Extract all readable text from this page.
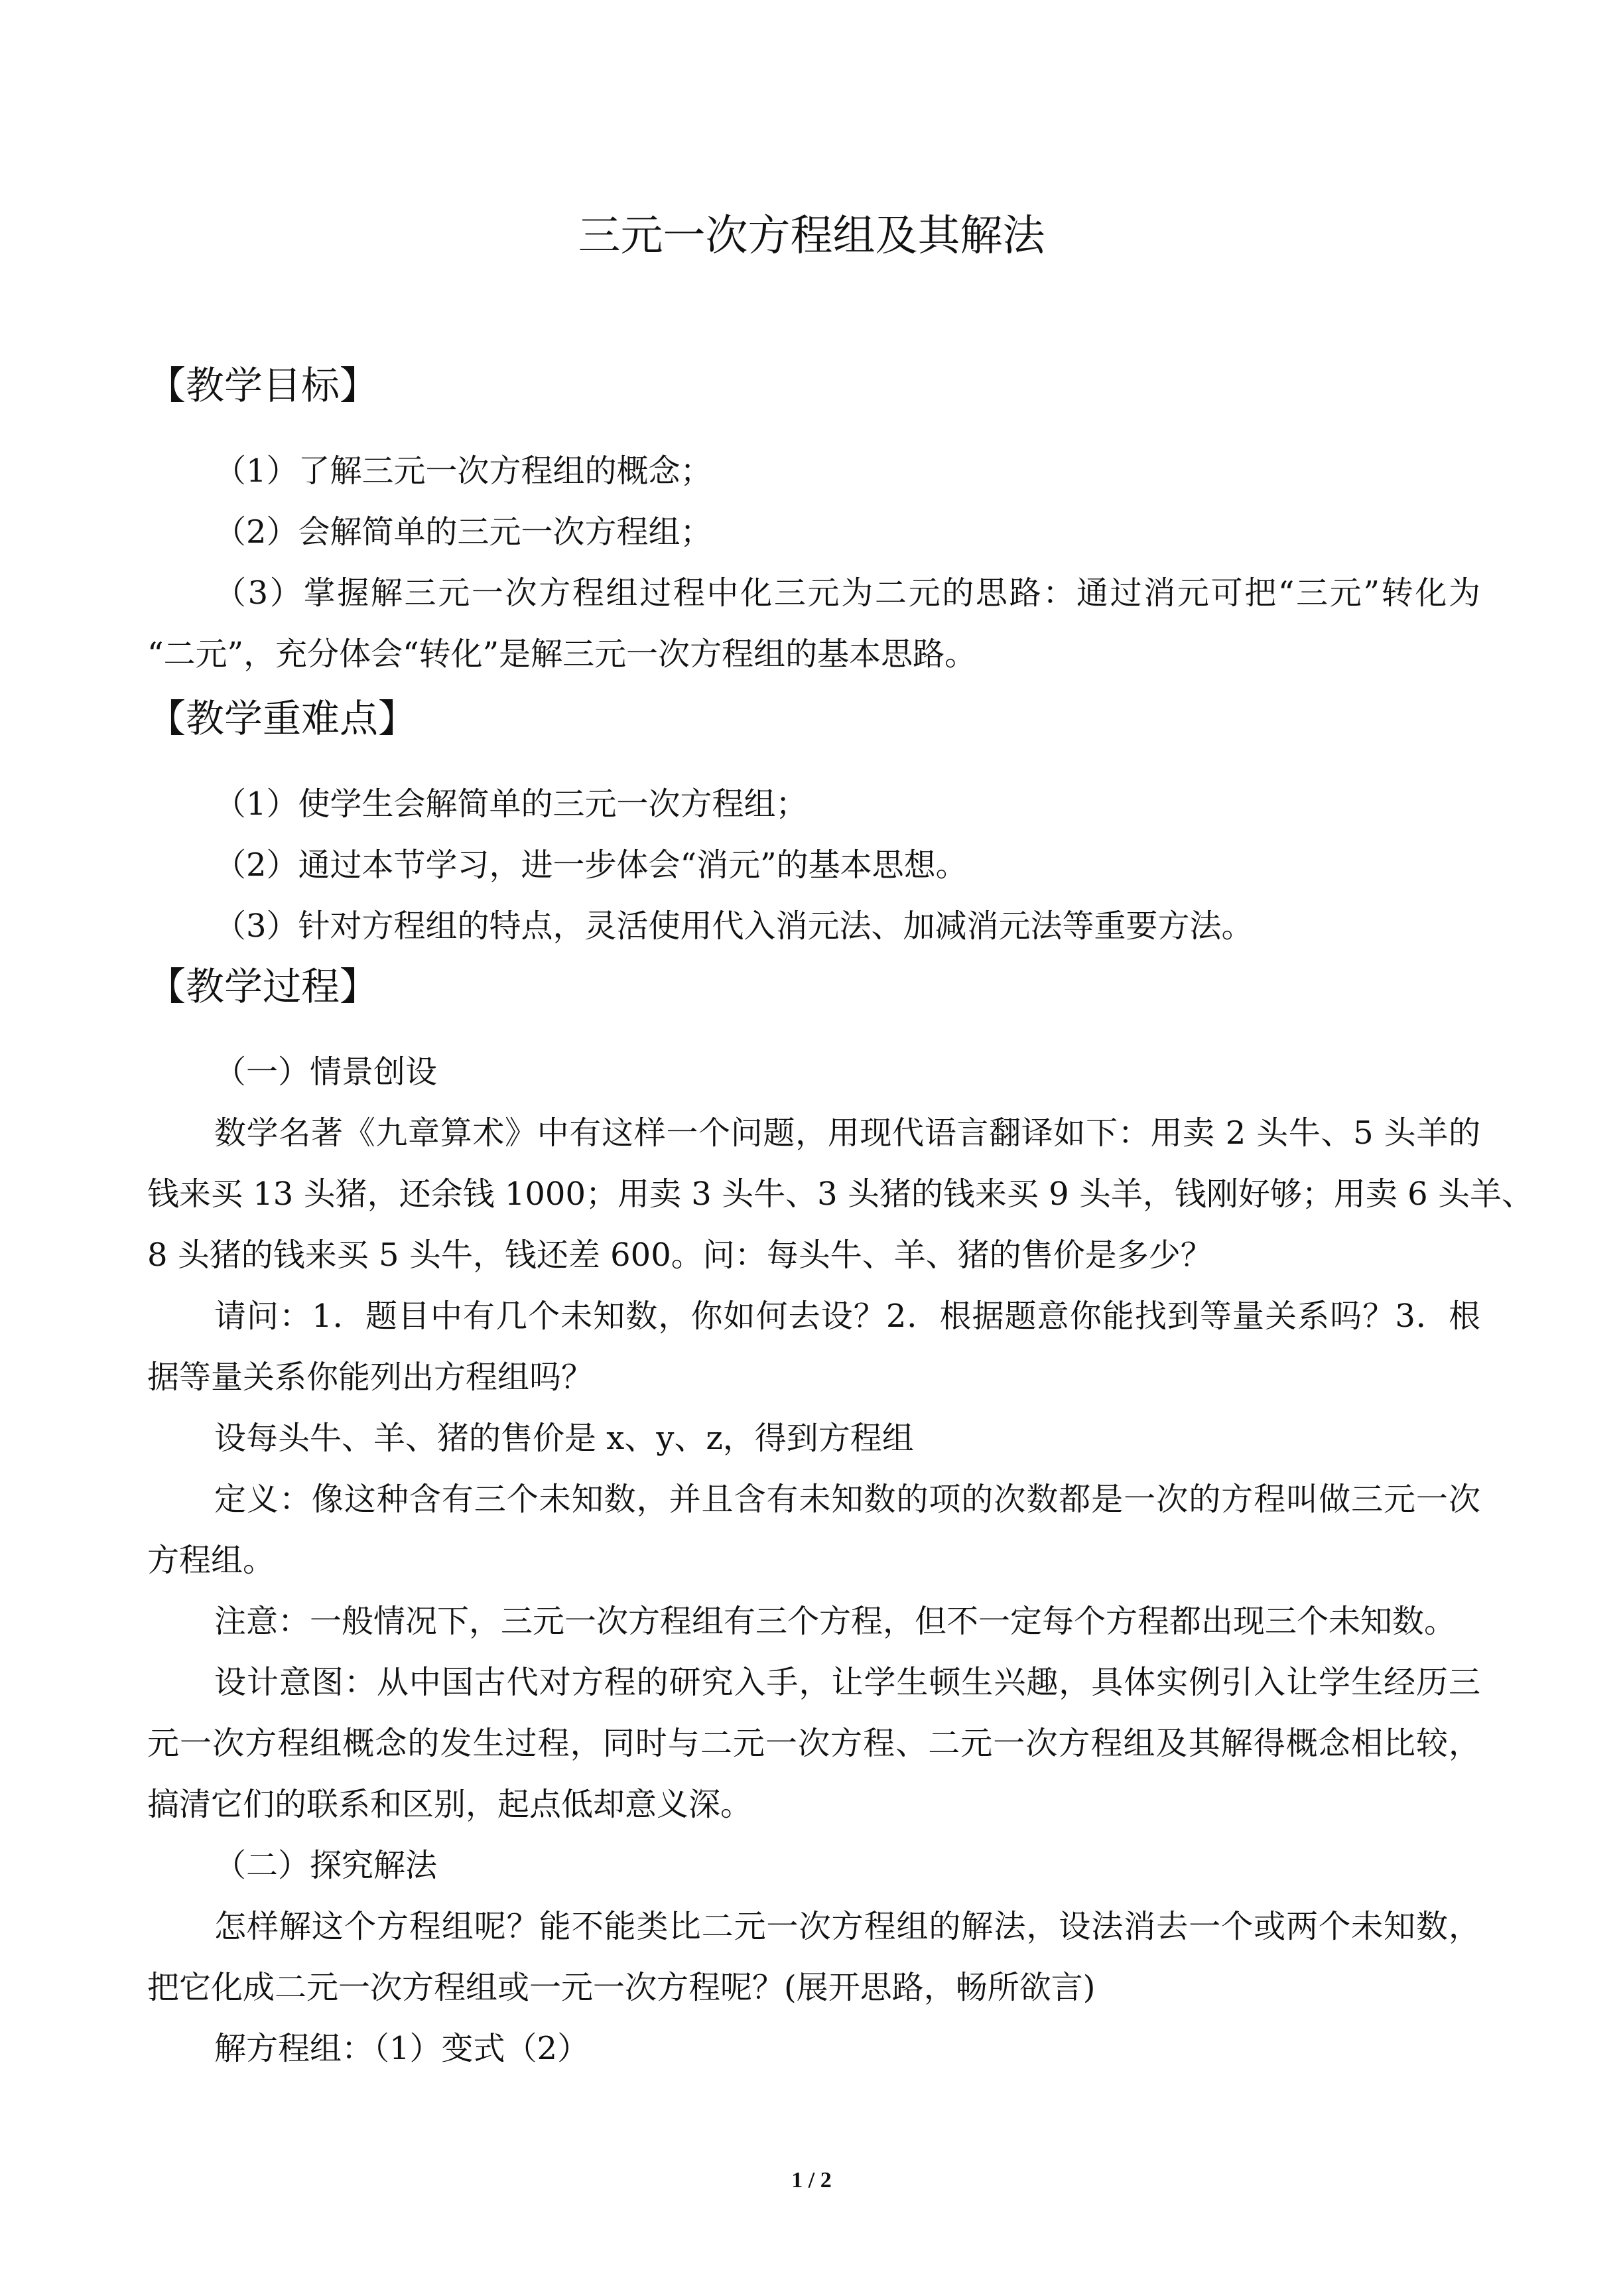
三元一次方程组及其解法
【教学目标】
（1）了解三元一次方程组的概念；
（2）会解简单的三元一次方程组；
（3）掌握解三元一次方程组过程中化三元为二元的思路：通过消元可把“三元”转化为
“二元”，充分体会“转化”是解三元一次方程组的基本思路。
【教学重难点】
（1）使学生会解简单的三元一次方程组；
（2）通过本节学习，进一步体会“消元”的基本思想。
（3）针对方程组的特点，灵活使用代入消元法、加减消元法等重要方法。
【教学过程】
（一）情景创设
数学名著《九章算术》中有这样一个问题，用现代语言翻译如下：用卖 2 头牛、5 头羊的
钱来买 13 头猪，还余钱 1000；用卖 3 头牛、3 头猪的钱来买 9 头羊，钱刚好够；用卖 6 头羊、
8 头猪的钱来买 5 头牛，钱还差 600。问：每头牛、羊、猪的售价是多少？
请问：1．题目中有几个未知数，你如何去设？2．根据题意你能找到等量关系吗？3．根
据等量关系你能列出方程组吗？
设每头牛、羊、猪的售价是 x、y、z，得到方程组
定义：像这种含有三个未知数，并且含有未知数的项的次数都是一次的方程叫做三元一次
方程组。
注意：一般情况下，三元一次方程组有三个方程，但不一定每个方程都出现三个未知数。
设计意图：从中国古代对方程的研究入手，让学生顿生兴趣，具体实例引入让学生经历三
元一次方程组概念的发生过程，同时与二元一次方程、二元一次方程组及其解得概念相比较，
搞清它们的联系和区别，起点低却意义深。
（二）探究解法
怎样解这个方程组呢？能不能类比二元一次方程组的解法，设法消去一个或两个未知数，
把它化成二元一次方程组或一元一次方程呢？(展开思路，畅所欲言)
解方程组：（1）变式（2）
1 / 2
